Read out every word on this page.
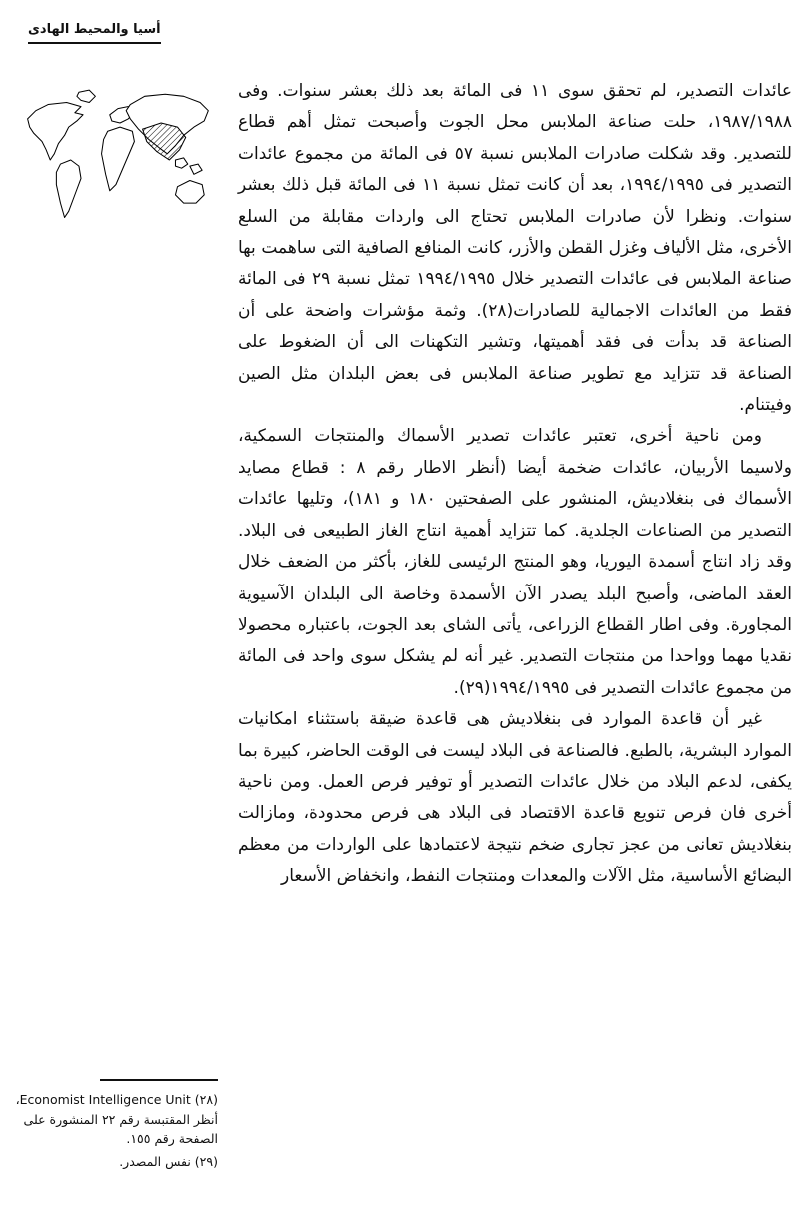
أسيا والمحيط الهادى

عائدات التصدير، لم تحقق سوى ١١ فى المائة بعد ذلك بعشر سنوات. وفى ١٩٨٧/١٩٨٨، حلت صناعة الملابس محل الجوت وأصبحت تمثل أهم قطاع للتصدير. وقد شكلت صادرات الملابس نسبة ٥٧ فى المائة من مجموع عائدات التصدير فى ١٩٩٤/١٩٩٥، بعد أن كانت تمثل نسبة ١١ فى المائة قبل ذلك بعشر سنوات. ونظرا لأن صادرات الملابس تحتاج الى واردات مقابلة من السلع الأخرى، مثل الألياف وغزل القطن والأزر، كانت المنافع الصافية التى ساهمت بها صناعة الملابس فى عائدات التصدير خلال ١٩٩٤/١٩٩٥ تمثل نسبة ٢٩ فى المائة فقط من العائدات الاجمالية للصادرات(٢٨). وثمة مؤشرات واضحة على أن الصناعة قد بدأت فى فقد أهميتها، وتشير التكهنات الى أن الضغوط على الصناعة قد تتزايد مع تطوير صناعة الملابس فى بعض البلدان مثل الصين وفيتنام.

ومن ناحية أخرى، تعتبر عائدات تصدير الأسماك والمنتجات السمكية، ولاسيما الأربيان، عائدات ضخمة أيضا (أنظر الاطار رقم ٨ : قطاع مصايد الأسماك فى بنغلاديش، المنشور على الصفحتين ١٨٠ و ١٨١)، وتليها عائدات التصدير من الصناعات الجلدية. كما تتزايد أهمية انتاج الغاز الطبيعى فى البلاد. وقد زاد انتاج أسمدة اليوريا، وهو المنتج الرئيسى للغاز، بأكثر من الضعف خلال العقد الماضى، وأصبح البلد يصدر الآن الأسمدة وخاصة الى البلدان الآسيوية المجاورة. وفى اطار القطاع الزراعى، يأتى الشاى بعد الجوت، باعتباره محصولا نقديا مهما وواحدا من منتجات التصدير. غير أنه لم يشكل سوى واحد فى المائة من مجموع عائدات التصدير فى ١٩٩٤/١٩٩٥(٢٩).

غير أن قاعدة الموارد فى بنغلاديش هى قاعدة ضيقة باستثناء امكانيات الموارد البشرية، بالطبع. فالصناعة فى البلاد ليست فى الوقت الحاضر، كبيرة بما يكفى، لدعم البلاد من خلال عائدات التصدير أو توفير فرص العمل. ومن ناحية أخرى فان فرص تنويع قاعدة الاقتصاد فى البلاد هى فرص محدودة، ومازالت بنغلاديش تعانى من عجز تجارى ضخم نتيجة لاعتمادها على الواردات من معظم البضائع الأساسية، مثل الآلات والمعدات ومنتجات النفط، وانخفاض الأسعار

(٢٨) Economist Intelligence Unit، أنظر المقتبسة رقم ٢٢ المنشورة على الصفحة رقم ١٥٥.

(٢٩) نفس المصدر.
